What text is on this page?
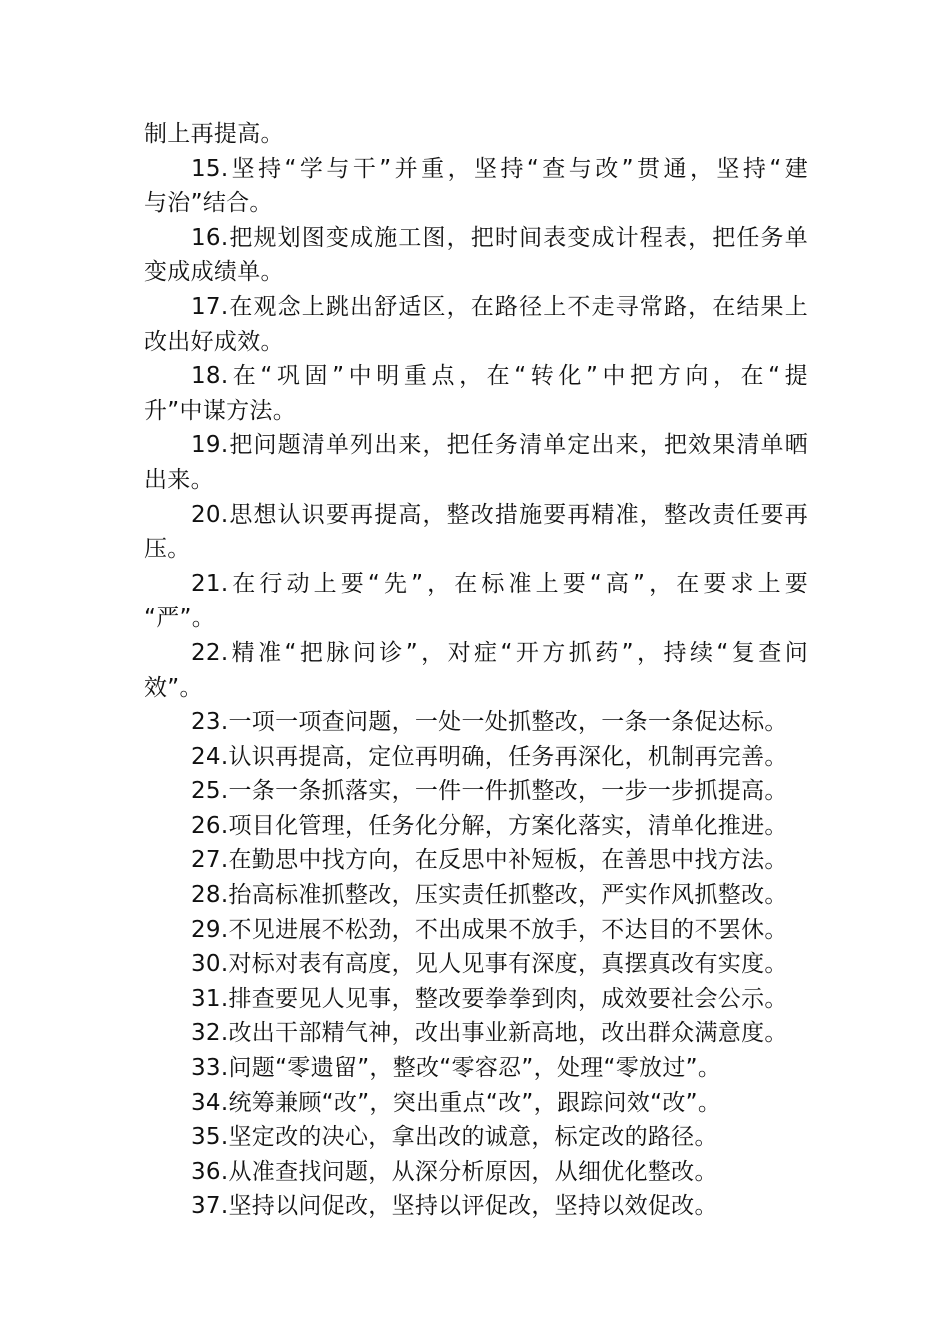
制上再提高。
15.坚持“学与干”并重，坚持“查与改”贯通，坚持“建
与治”结合。
16.把规划图变成施工图，把时间表变成计程表，把任务单
变成成绩单。
17.在观念上跳出舒适区，在路径上不走寻常路，在结果上
改出好成效。
18.在“巩固”中明重点，在“转化”中把方向，在“提
升”中谋方法。
19.把问题清单列出来，把任务清单定出来，把效果清单晒
出来。
20.思想认识要再提高，整改措施要再精准，整改责任要再
压。
21.在行动上要“先”，在标准上要“高”，在要求上要
“严”。
22.精准“把脉问诊”，对症“开方抓药”，持续“复查问
效”。
23.一项一项查问题，一处一处抓整改，一条一条促达标。
24.认识再提高，定位再明确，任务再深化，机制再完善。
25.一条一条抓落实，一件一件抓整改，一步一步抓提高。
26.项目化管理，任务化分解，方案化落实，清单化推进。
27.在勤思中找方向，在反思中补短板，在善思中找方法。
28.抬高标准抓整改，压实责任抓整改，严实作风抓整改。
29.不见进展不松劲，不出成果不放手，不达目的不罢休。
30.对标对表有高度，见人见事有深度，真摆真改有实度。
31.排查要见人见事，整改要拳拳到肉，成效要社会公示。
32.改出干部精气神，改出事业新高地，改出群众满意度。
33.问题“零遗留”，整改“零容忍”，处理“零放过”。
34.统筹兼顾“改”，突出重点“改”，跟踪问效“改”。
35.坚定改的决心，拿出改的诚意，标定改的路径。
36.从准查找问题，从深分析原因，从细优化整改。
37.坚持以问促改，坚持以评促改，坚持以效促改。
